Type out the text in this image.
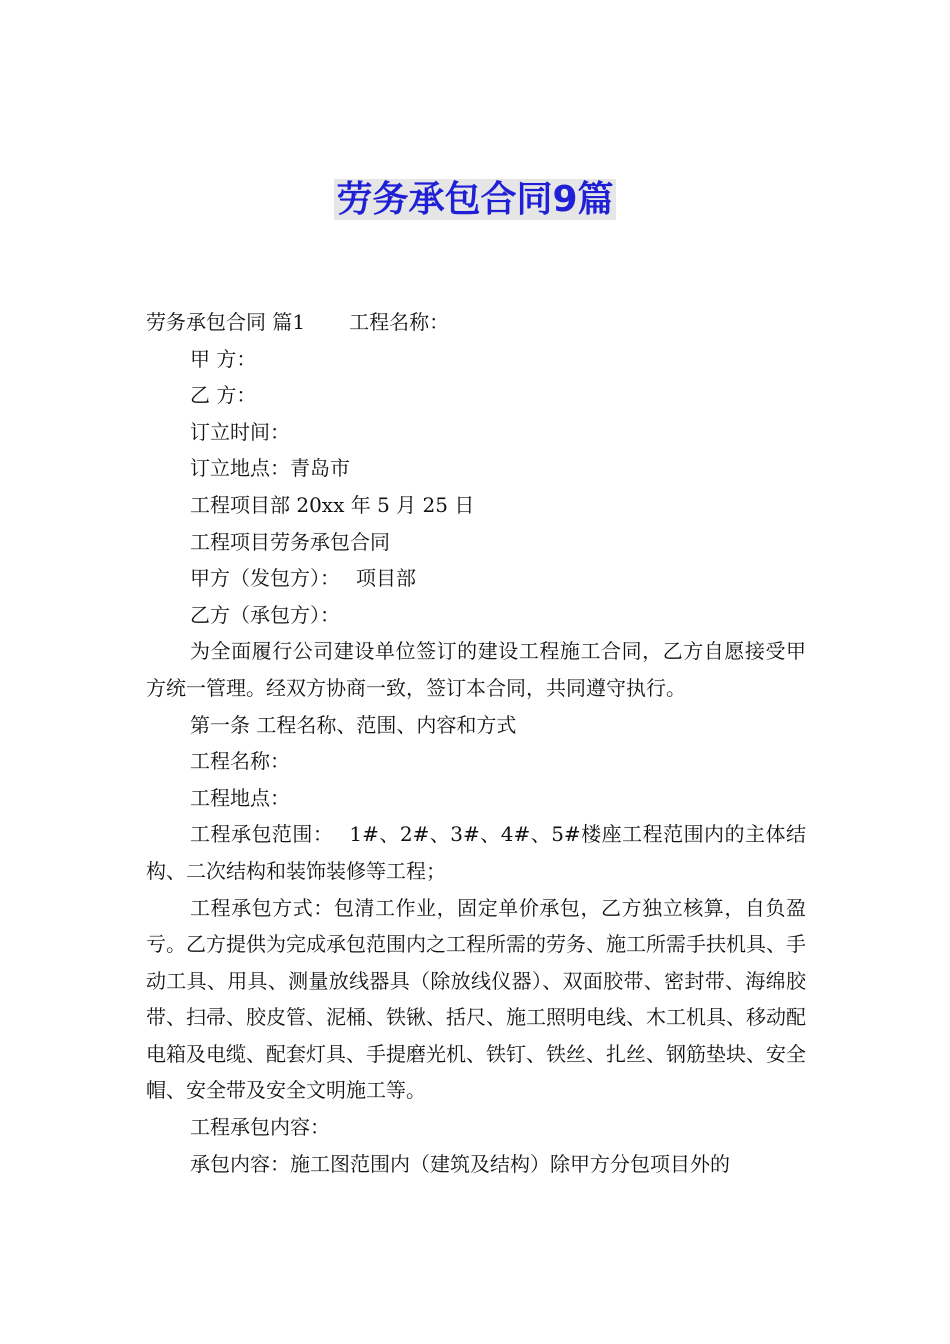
劳务承包合同9篇

劳务承包合同 篇1 工程名称：

甲 方：

乙 方：

订立时间：

订立地点：青岛市

工程项目部 20xx 年 5 月 25 日

工程项目劳务承包合同

甲方（发包方）： 项目部

乙方（承包方）：

为全面履行公司建设单位签订的建设工程施工合同，乙方自愿接受甲方统一管理。经双方协商一致，签订本合同，共同遵守执行。

第一条 工程名称、范围、内容和方式

工程名称：

工程地点：

工程承包范围： 1#、2#、3#、4#、5#楼座工程范围内的主体结构、二次结构和装饰装修等工程；

工程承包方式：包清工作业，固定单价承包，乙方独立核算，自负盈亏。乙方提供为完成承包范围内之工程所需的劳务、施工所需手扶机具、手动工具、用具、测量放线器具（除放线仪器）、双面胶带、密封带、海绵胶带、扫帚、胶皮管、泥桶、铁锹、括尺、施工照明电线、木工机具、移动配电箱及电缆、配套灯具、手提磨光机、铁钉、铁丝、扎丝、钢筋垫块、安全帽、安全带及安全文明施工等。

工程承包内容：

承包内容：施工图范围内（建筑及结构）除甲方分包项目外的
